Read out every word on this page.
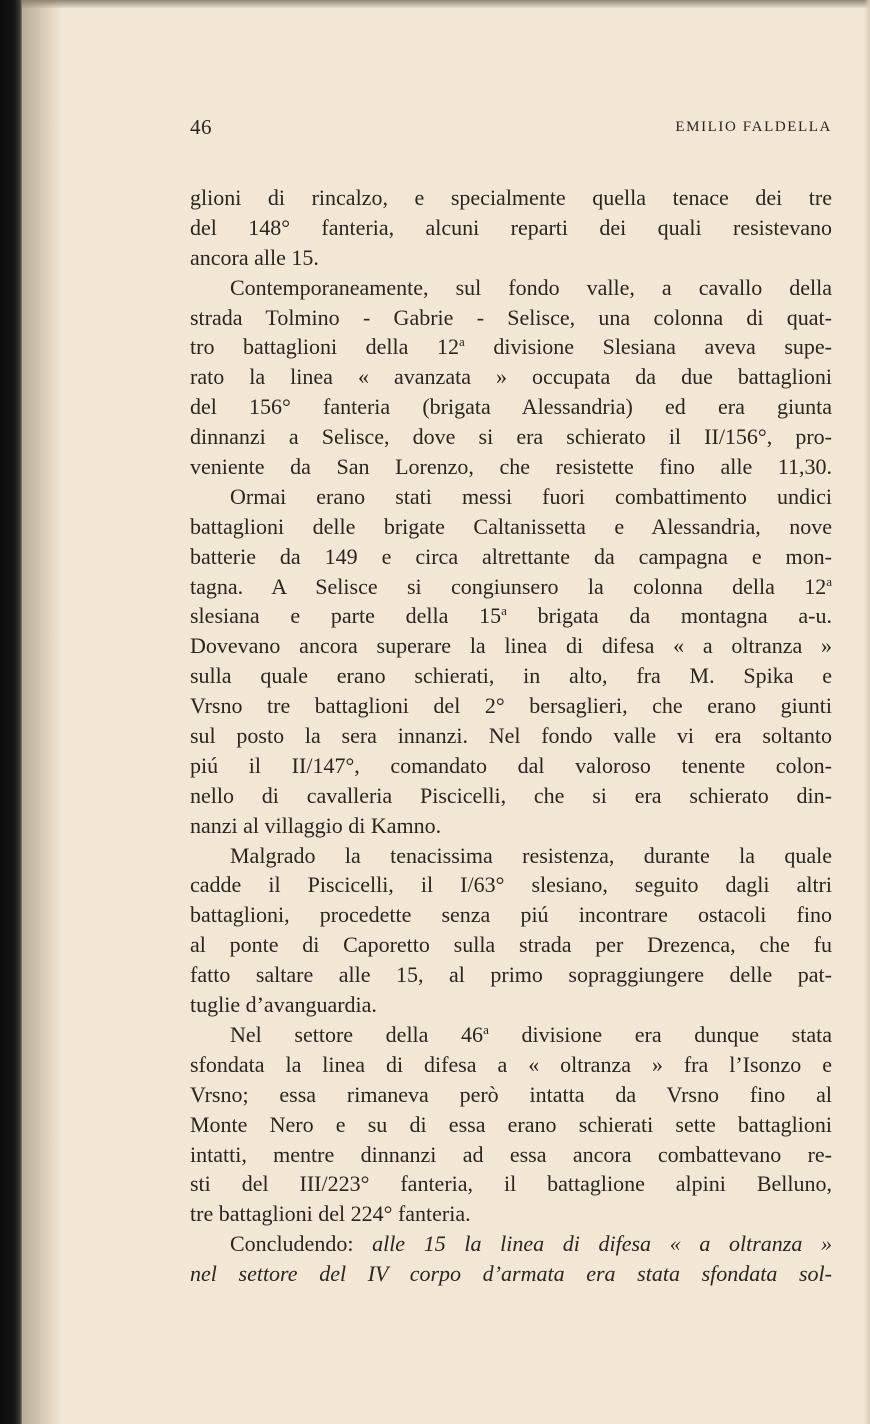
46	EMILIO FALDELLA
glioni di rincalzo, e specialmente quella tenace dei tre
del 148° fanteria, alcuni reparti dei quali resistevano
ancora alle 15.
Contemporaneamente, sul fondo valle, a cavallo della
strada Tolmino - Gabrie - Selisce, una colonna di quat-
tro battaglioni della 12$^a$ divisione Slesiana aveva supe-
rato la linea « avanzata » occupata da due battaglioni
del 156° fanteria (brigata Alessandria) ed era giunta
dinnanzi a Selisce, dove si era schierato il II/156°, pro-
veniente da San Lorenzo, che resistette fino alle 11,30.
Ormai erano stati messi fuori combattimento undici
battaglioni delle brigate Caltanissetta e Alessandria, nove
batterie da 149 e circa altrettante da campagna e mon-
tagna. A Selisce si congiunsero la colonna della 12$^a$
slesiana e parte della 15$^a$ brigata da montagna a-u.
Dovevano ancora superare la linea di difesa « a oltranza »
sulla quale erano schierati, in alto, fra M. Spika e
Vrsno tre battaglioni del 2° bersaglieri, che erano giunti
sul posto la sera innanzi. Nel fondo valle vi era soltanto
piú il II/147°, comandato dal valoroso tenente colon-
nello di cavalleria Piscicelli, che si era schierato din-
nanzi al villaggio di Kamno.
Malgrado la tenacissima resistenza, durante la quale
cadde il Piscicelli, il I/63° slesiano, seguito dagli altri
battaglioni, procedette senza piú incontrare ostacoli fino
al ponte di Caporetto sulla strada per Drezenca, che fu
fatto saltare alle 15, al primo sopraggiungere delle pat-
tuglie d’avanguardia.
Nel settore della 46$^a$ divisione era dunque stata
sfondata la linea di difesa a « oltranza » fra l’Isonzo e
Vrsno; essa rimaneva però intatta da Vrsno fino al
Monte Nero e su di essa erano schierati sette battaglioni
intatti, mentre dinnanzi ad essa ancora combattevano re-
sti del III/223° fanteria, il battaglione alpini Belluno,
tre battaglioni del 224° fanteria.
Concludendo: alle 15 la linea di difesa « a oltranza »
nel settore del IV corpo d’armata era stata sfondata sol-
